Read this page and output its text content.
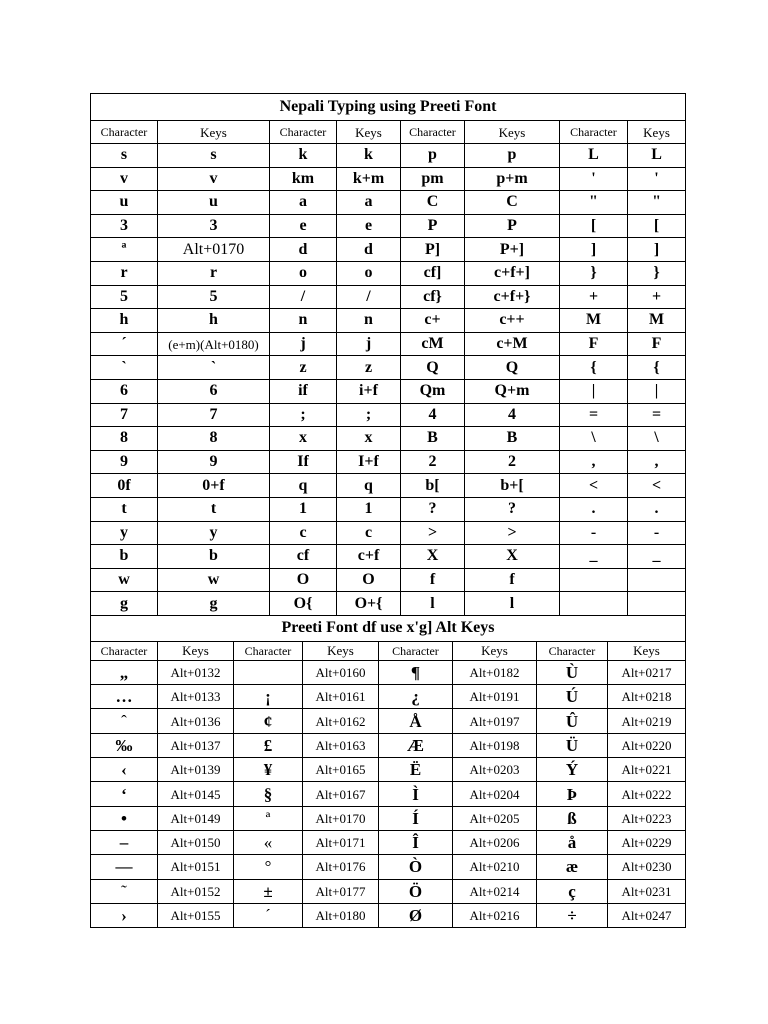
Nepali Typing using Preeti Font							
Character	Keys	Character	Keys	Character	Keys	Character	Keys
s	s	k	k	p	p	L	L
v	v	km	k+m	pm	p+m	'	'
u	u	a	a	C	C	"	"
3	3	e	e	P	P	[	[
ª	Alt+0170	d	d	P]	P+]	]	]
r	r	o	o	cf]	c+f+]	}	}
5	5	/	/	cf}	c+f+}	+	+
h	h	n	n	c+	c++	M	M
´	(e+m)(Alt+0180)	j	j	cM	c+M	F	F
`	`	z	z	Q	Q	{	{
6	6	if	i+f	Qm	Q+m	|	|
7	7	;	;	4	4	=	=
8	8	x	x	B	B	\	\
9	9	If	I+f	2	2	,	,
0f	0+f	q	q	b[	b+[	<	<
t	t	1	1	?	?	.	.
y	y	c	c	>	>	-	-
b	b	cf	c+f	X	X	_	_
w	w	O	O	f	f		
g	g	O{	O+{	l	l		
Preeti Font df use x'g] Alt Keys							
Character	Keys	Character	Keys	Character	Keys	Character	Keys
„	Alt+0132		Alt+0160	¶	Alt+0182	Ù	Alt+0217
…	Alt+0133	¡	Alt+0161	¿	Alt+0191	Ú	Alt+0218
ˆ	Alt+0136	¢	Alt+0162	Å	Alt+0197	Û	Alt+0219
‰	Alt+0137	£	Alt+0163	Æ	Alt+0198	Ü	Alt+0220
‹	Alt+0139	¥	Alt+0165	Ë	Alt+0203	Ý	Alt+0221
‘	Alt+0145	§	Alt+0167	Ì	Alt+0204	Þ	Alt+0222
•	Alt+0149	ª	Alt+0170	Í	Alt+0205	ß	Alt+0223
–	Alt+0150	«	Alt+0171	Î	Alt+0206	å	Alt+0229
—	Alt+0151	°	Alt+0176	Ò	Alt+0210	æ	Alt+0230
˜	Alt+0152	±	Alt+0177	Ö	Alt+0214	ç	Alt+0231
›	Alt+0155	´	Alt+0180	Ø	Alt+0216	÷	Alt+0247
